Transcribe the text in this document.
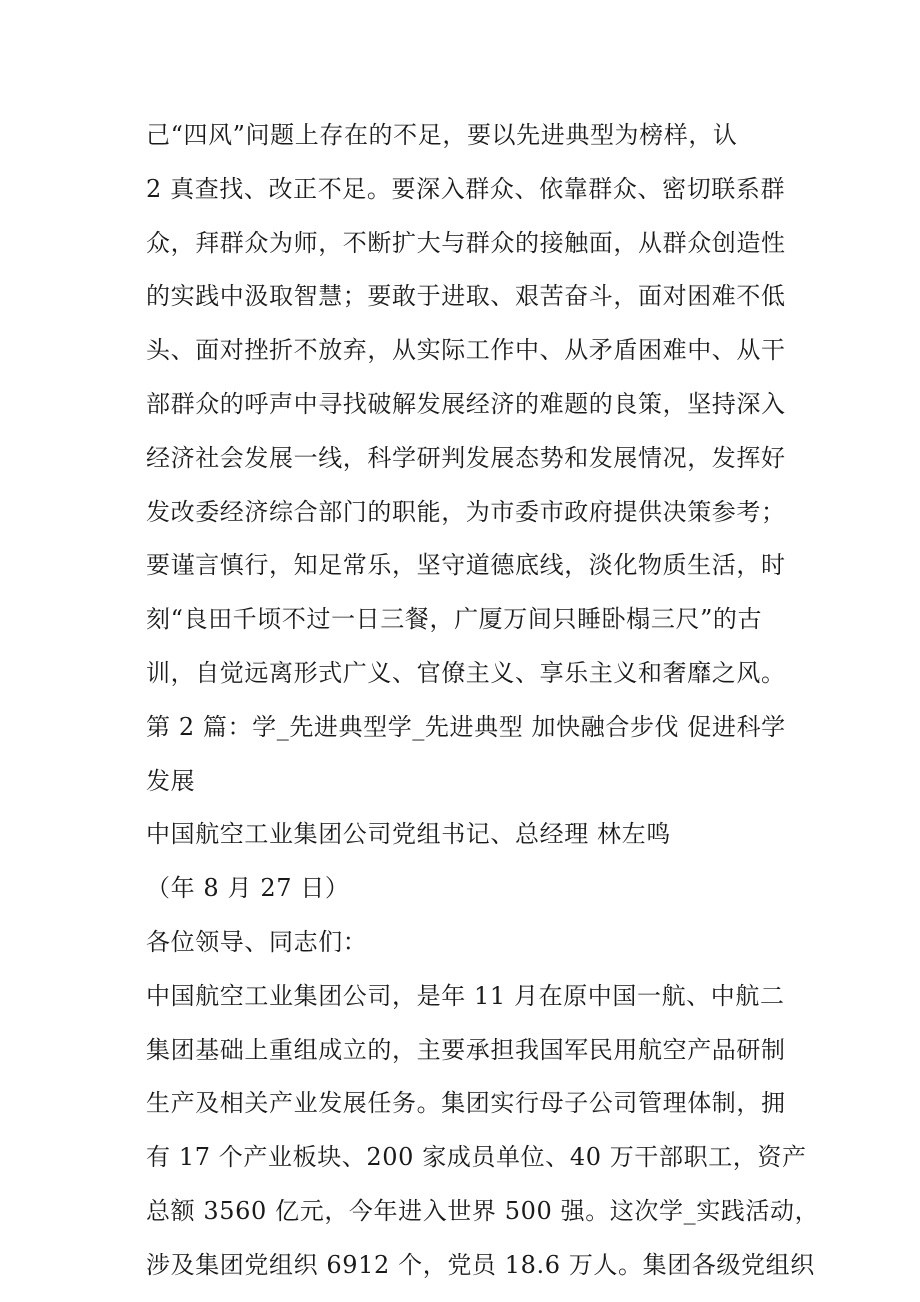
己“四风”问题上存在的不足，要以先进典型为榜样，认
2 真查找、改正不足。要深入群众、依靠群众、密切联系群
众，拜群众为师，不断扩大与群众的接触面，从群众创造性
的实践中汲取智慧；要敢于进取、艰苦奋斗，面对困难不低
头、面对挫折不放弃，从实际工作中、从矛盾困难中、从干
部群众的呼声中寻找破解发展经济的难题的良策，坚持深入
经济社会发展一线，科学研判发展态势和发展情况，发挥好
发改委经济综合部门的职能，为市委市政府提供决策参考；
要谨言慎行，知足常乐，坚守道德底线，淡化物质生活，时
刻“良田千顷不过一日三餐，广厦万间只睡卧榻三尺”的古
训，自觉远离形式广义、官僚主义、享乐主义和奢靡之风。
第 2 篇：学_先进典型学_先进典型 加快融合步伐 促进科学
发展
中国航空工业集团公司党组书记、总经理 林左鸣
（年 8 月 27 日）
各位领导、同志们：
中国航空工业集团公司，是年 11 月在原中国一航、中航二
集团基础上重组成立的，主要承担我国军民用航空产品研制
生产及相关产业发展任务。集团实行母子公司管理体制，拥
有 17 个产业板块、200 家成员单位、40 万干部职工，资产
总额 3560 亿元，今年进入世界 500 强。这次学_实践活动，
涉及集团党组织 6912 个，党员 18.6 万人。集团各级党组织
